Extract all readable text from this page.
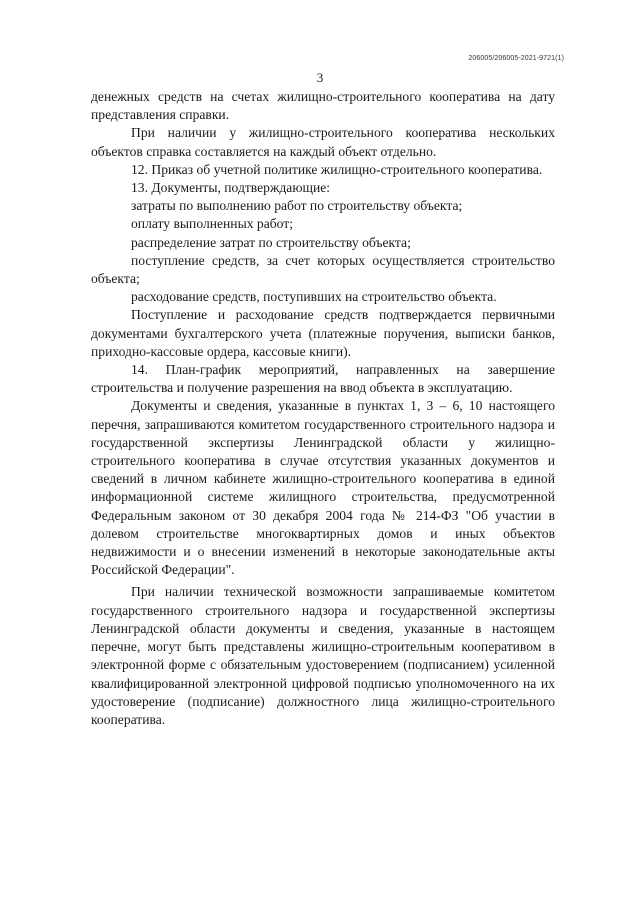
206005/206005-2021-9721(1)
3

денежных средств на счетах жилищно-строительного кооператива на дату представления справки.

При наличии у жилищно-строительного кооператива нескольких объектов справка составляется на каждый объект отдельно.

12. Приказ об учетной политике жилищно-строительного кооператива.

13. Документы, подтверждающие:

затраты по выполнению работ по строительству объекта;

оплату выполненных работ;

распределение затрат по строительству объекта;

поступление средств, за счет которых осуществляется строительство объекта;

расходование средств, поступивших на строительство объекта.

Поступление и расходование средств подтверждается первичными документами бухгалтерского учета (платежные поручения, выписки банков, приходно-кассовые ордера, кассовые книги).

14. План-график мероприятий, направленных на завершение строительства и получение разрешения на ввод объекта в эксплуатацию.

Документы и сведения, указанные в пунктах 1, 3 – 6, 10 настоящего перечня, запрашиваются комитетом государственного строительного надзора и государственной экспертизы Ленинградской области у жилищно-строительного кооператива в случае отсутствия указанных документов и сведений в личном кабинете жилищно-строительного кооператива в единой информационной системе жилищного строительства, предусмотренной Федеральным законом от 30 декабря 2004 года № 214-ФЗ "Об участии в долевом строительстве многоквартирных домов и иных объектов недвижимости и о внесении изменений в некоторые законодательные акты Российской Федерации".

При наличии технической возможности запрашиваемые комитетом государственного строительного надзора и государственной экспертизы Ленинградской области документы и сведения, указанные в настоящем перечне, могут быть представлены жилищно-строительным кооперативом в электронной форме с обязательным удостоверением (подписанием) усиленной квалифицированной электронной цифровой подписью уполномоченного на их удостоверение (подписание) должностного лица жилищно-строительного кооператива.
